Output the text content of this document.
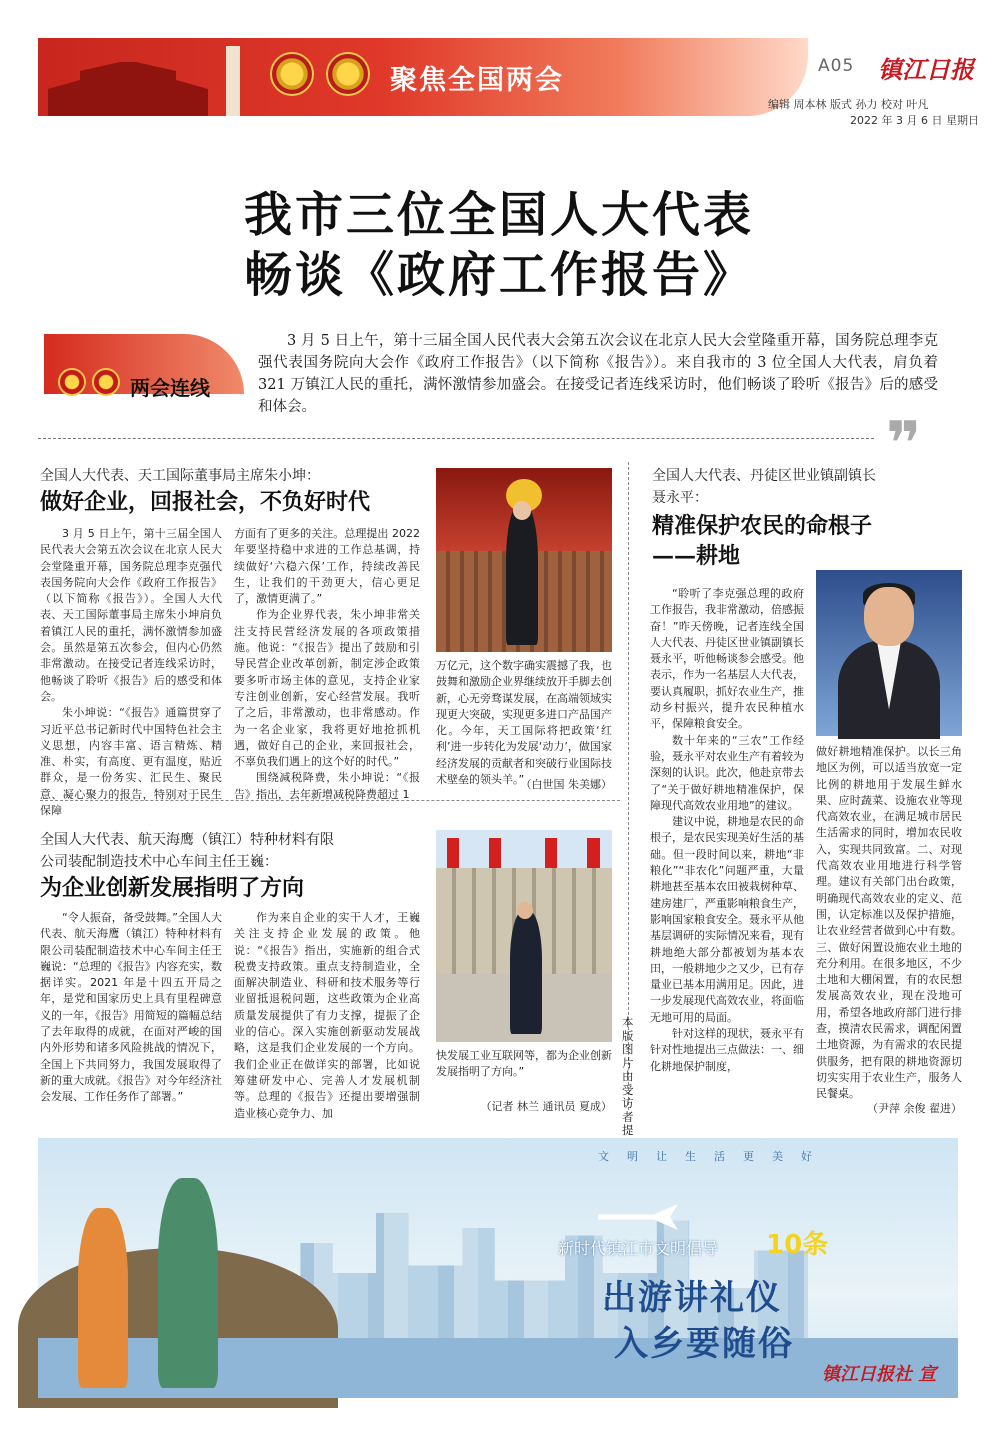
聚焦全国两会	A05 镇江日报
编辑 周本林 版式 孙力 校对 叶凡
2022 年 3 月 6 日 星期日
我市三位全国人大代表
畅谈《政府工作报告》
两会连线
3 月 5 日上午，第十三届全国人民代表大会第五次会议在北京人民大会堂隆重开幕，国务院总理李克强代表国务院向大会作《政府工作报告》（以下简称《报告》）。来自我市的 3 位全国人大代表，肩负着 321 万镇江人民的重托，满怀激情参加盛会。在接受记者连线采访时，他们畅谈了聆听《报告》后的感受和体会。
❞
全国人大代表、天工国际董事局主席朱小坤：
做好企业，回报社会，不负好时代

3 月 5 日上午，第十三届全国人民代表大会第五次会议在北京人民大会堂隆重开幕，国务院总理李克强代表国务院向大会作《政府工作报告》（以下简称《报告》）。全国人大代表、天工国际董事局主席朱小坤肩负着镇江人民的重托，满怀激情参加盛会。虽然是第五次参会，但内心仍然非常激动。在接受记者连线采访时，他畅谈了聆听《报告》后的感受和体会。

朱小坤说：“《报告》通篇贯穿了习近平总书记新时代中国特色社会主义思想，内容丰富、语言精炼、精准、朴实，有高度、更有温度，贴近群众，是一份务实、汇民生、聚民意、凝心聚力的报告，特别对于民生保障

方面有了更多的关注。总理提出 2022 年要坚持稳中求进的工作总基调，持续做好‘六稳六保’工作，持续改善民生，让我们的干劲更大，信心更足了，激情更满了。”

作为企业界代表，朱小坤非常关注支持民营经济发展的各项政策措施。他说：“《报告》提出了鼓励和引导民营企业改革创新，制定涉企政策要多听市场主体的意见，支持企业家专注创业创新，安心经营发展。我听了之后，非常激动，也非常感动。作为一名企业家，我将更好地抢抓机遇，做好自己的企业，来回报社会，不辜负我们遇上的这个好的时代。”

围绕减税降费，朱小坤说：“《报告》指出，去年新增减税降费超过 1

万亿元，这个数字确实震撼了我，也鼓舞和激励企业界继续放开手脚去创新，心无旁骛谋发展，在高端领域实现更大突破，实现更多进口产品国产化。今年，天工国际将把政策‘红利’进一步转化为发展‘动力’，做国家经济发展的贡献者和突破行业国际技术壁垒的领头羊。”
（白世国 朱美娜）
全国人大代表、航天海鹰（镇江）特种材料有限
公司装配制造技术中心车间主任王巍：
为企业创新发展指明了方向

“令人振奋，备受鼓舞。”全国人大代表、航天海鹰（镇江）特种材料有限公司装配制造技术中心车间主任王巍说：“总理的《报告》内容充实，数据详实。2021 年是十四五开局之年，是党和国家历史上具有里程碑意义的一年，《报告》用简短的篇幅总结了去年取得的成就，在面对严峻的国内外形势和诸多风险挑战的情况下，全国上下共同努力，我国发展取得了新的重大成就。《报告》对今年经济社会发展、工作任务作了部署。”

作为来自企业的实干人才，王巍关注支持企业发展的政策。他说：“《报告》指出，实施新的组合式税费支持政策。重点支持制造业，全面解决制造业、科研和技术服务等行业留抵退税问题，这些政策为企业高质量发展提供了有力支撑，提振了企业的信心。深入实施创新驱动发展战略，这是我们企业发展的一个方向。我们企业正在做详实的部署，比如说筹建研发中心、完善人才发展机制等。总理的《报告》还提出要增强制造业核心竞争力、加

快发展工业互联网等，都为企业创新发展指明了方向。”
（记者 林兰 通讯员 夏成）
本版图片由受访者提
全国人大代表、丹徒区世业镇副镇长
聂永平：
精准保护农民的命根子
——耕地

“聆听了李克强总理的政府工作报告，我非常激动，倍感振奋！”昨天傍晚，记者连线全国人大代表、丹徒区世业镇副镇长聂永平，听他畅谈参会感受。他表示，作为一名基层人大代表，要认真履职，抓好农业生产，推动乡村振兴，提升农民种植水平，保障粮食安全。

数十年来的“三农”工作经验，聂永平对农业生产有着较为深刻的认识。此次，他赴京带去了“关于做好耕地精准保护，保障现代高效农业用地”的建议。

建议中说，耕地是农民的命根子，是农民实现美好生活的基础。但一段时间以来，耕地“非粮化”“非农化”问题严重，大量耕地甚至基本农田被栽树种草、建房建厂，严重影响粮食生产，影响国家粮食安全。聂永平从他基层调研的实际情况来看，现有耕地绝大部分都被划为基本农田，一般耕地少之又少，已有存量业已基本用满用足。因此，进一步发展现代高效农业，将面临无地可用的局面。

针对这样的现状，聂永平有针对性地提出三点做法：一、细化耕地保护制度，

做好耕地精准保护。以长三角地区为例，可以适当放宽一定比例的耕地用于发展生鲜水果、应时蔬菜、设施农业等现代高效农业，在满足城市居民生活需求的同时，增加农民收入，实现共同致富。二、对现代高效农业用地进行科学管理。建议有关部门出台政策，明确现代高效农业的定义、范围，认定标准以及保护措施，让农业经营者做到心中有数。三、做好闲置设施农业土地的充分利用。在很多地区，不少土地和大棚闲置，有的农民想发展高效农业，现在没地可用，希望各地政府部门进行排查，摸清农民需求，调配闲置土地资源，为有需求的农民提供服务，把有限的耕地资源切切实实用于农业生产，服务人民餐桌。
（尹萍 余俊 翟进）
文明让生活更美好
新时代镇江市文明倡导 10条
出游讲礼仪
入乡要随俗
镇江日报社 宣
